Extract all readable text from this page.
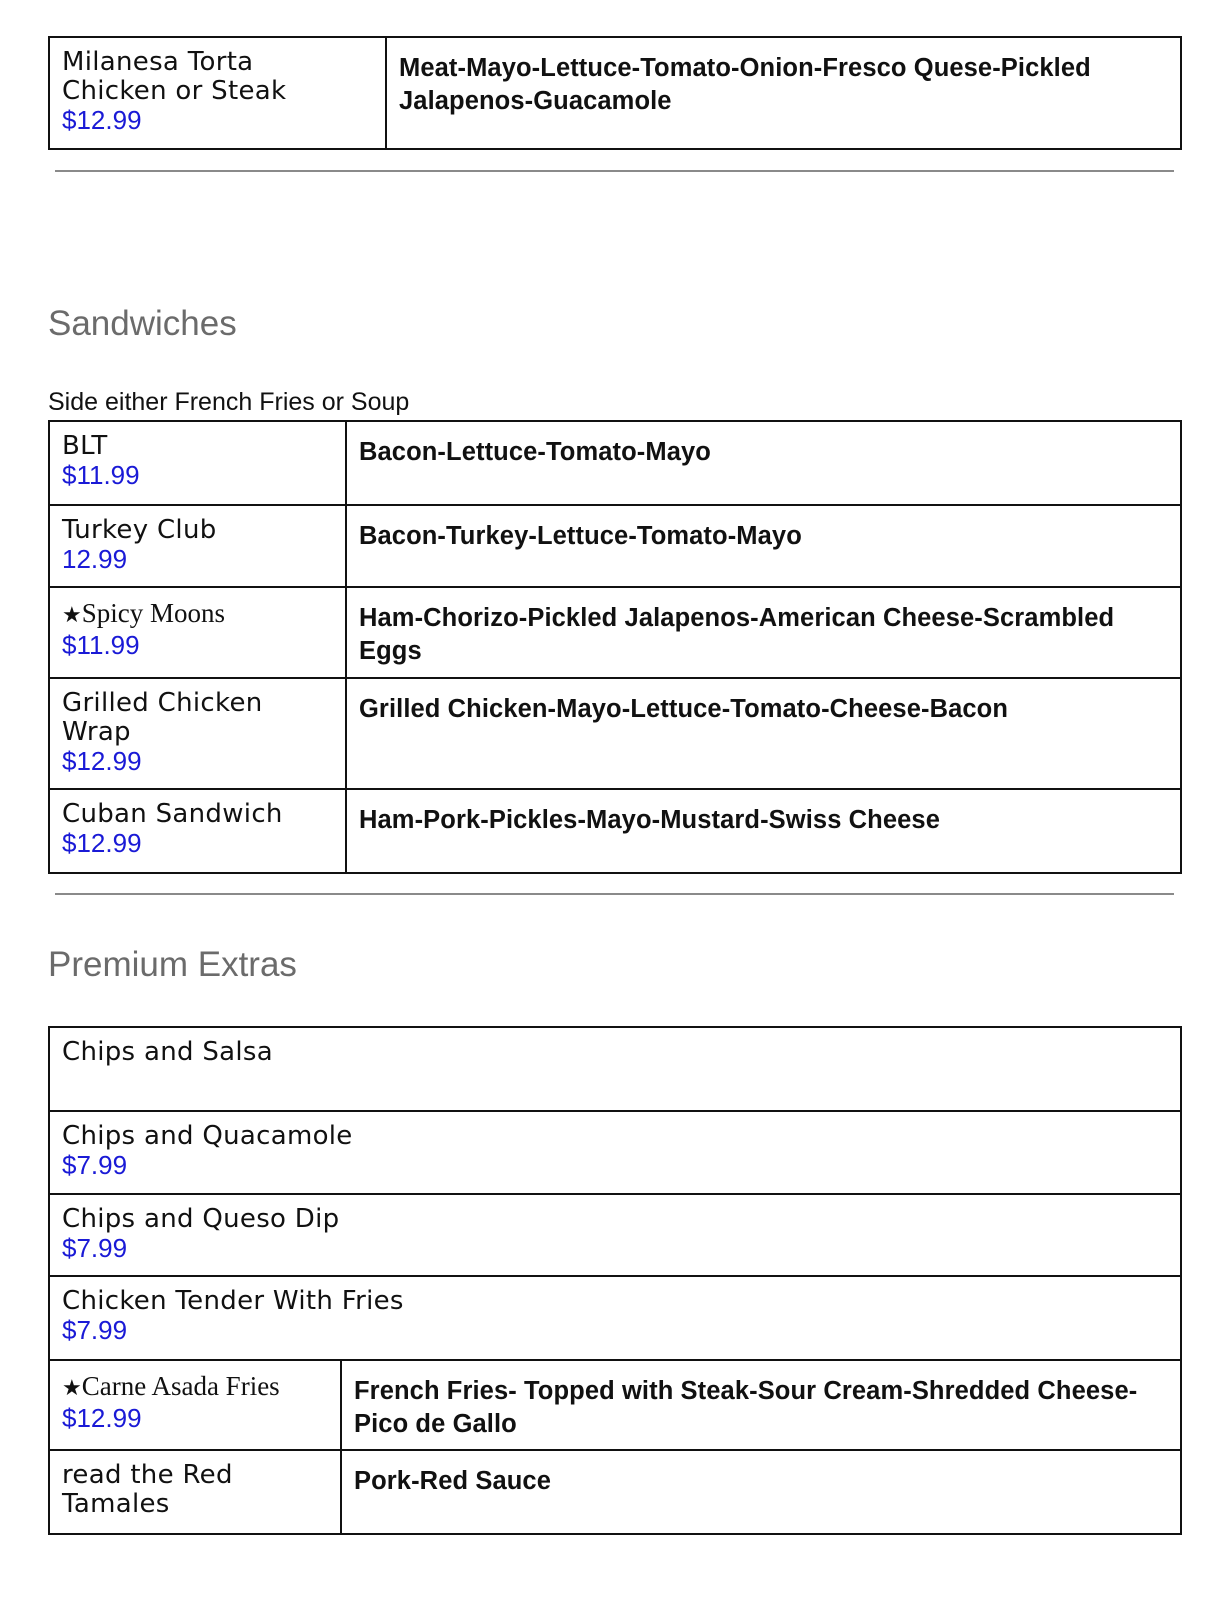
Milanesa Torta
Chicken or Steak
$12.99
	Meat-Mayo-Lettuce-Tomato-Onion-Fresco Quese-Pickled Jalapenos-Guacamole
Sandwiches

Side either French Fries or Soup

BLT
$11.99	Bacon-Lettuce-Tomato-Mayo

Turkey Club
12.99	Bacon-Turkey-Lettuce-Tomato-Mayo

★Spicy Moons
$11.99	Ham-Chorizo-Pickled Jalapenos-American Cheese-Scrambled Eggs

Grilled Chicken
Wrap
$12.99	Grilled Chicken-Mayo-Lettuce-Tomato-Cheese-Bacon

Cuban Sandwich
$12.99	Ham-Pork-Pickles-Mayo-Mustard-Swiss Cheese
Premium Extras
Chips and Salsa	

Chips and Quacamole
$7.99	

Chips and Queso Dip
$7.99	

Chicken Tender With Fries
$7.99	

★Carne Asada Fries
$12.99	French Fries- Topped with Steak-Sour Cream-Shredded Cheese-Pico de Gallo

read the Red
Tamales	Pork-Red Sauce
